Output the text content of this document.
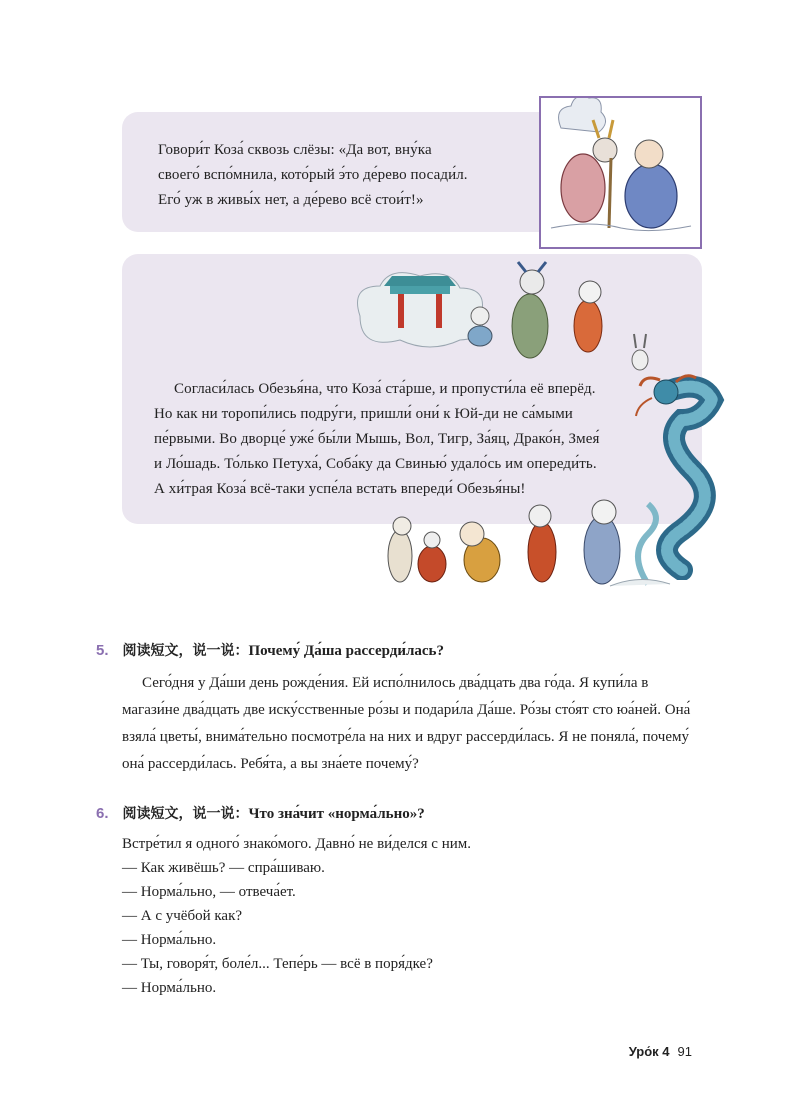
Говори́т Коза́ сквозь слёзы: «Да вот, вну́ка
своего́ вспо́мнила, кото́рый э́то де́рево посади́л.
Его́ уж в живы́х нет, а де́рево всё стои́т!»
Согласи́лась Обезья́на, что Коза́ ста́рше, и пропусти́ла её вперёд.
Но как ни торопи́лись подру́ги, пришли́ они́ к Юй-ди не са́мыми
пе́рвыми. Во дворце́ уже́ бы́ли Мышь, Вол, Тигр, За́яц, Драко́н, Змея́
и Ло́шадь. То́лько Петуха́, Соба́ку да Свинью́ удало́сь им опереди́ть.
А хи́трая Коза́ всё-таки успе́ла встать впереди́ Обезья́ны!
5. 阅读短文，说一说：Почему́ Да́ша рассерди́лась?
Сего́дня у Да́ши день рожде́ния. Ей испо́лнилось два́дцать два го́да. Я купи́ла в магази́не два́дцать две иску́сственные ро́зы и подари́ла Да́ше. Ро́зы сто́ят сто юа́ней. Она́ взяла́ цветы́, внима́тельно посмотре́ла на них и вдруг рассерди́лась. Я не поняла́, почему́ она́ рассерди́лась. Ребя́та, а вы зна́ете почему́?
6. 阅读短文，说一说：Что зна́чит «норма́льно»?
Встре́тил я одного́ знако́мого. Давно́ не ви́делся с ним.
— Как живёшь? — спра́шиваю.
— Норма́льно, — отвеча́ет.
— А с учёбой как?
— Норма́льно.
— Ты, говоря́т, боле́л... Тепе́рь — всё в поря́дке?
— Норма́льно.
Уро́к 4 91
